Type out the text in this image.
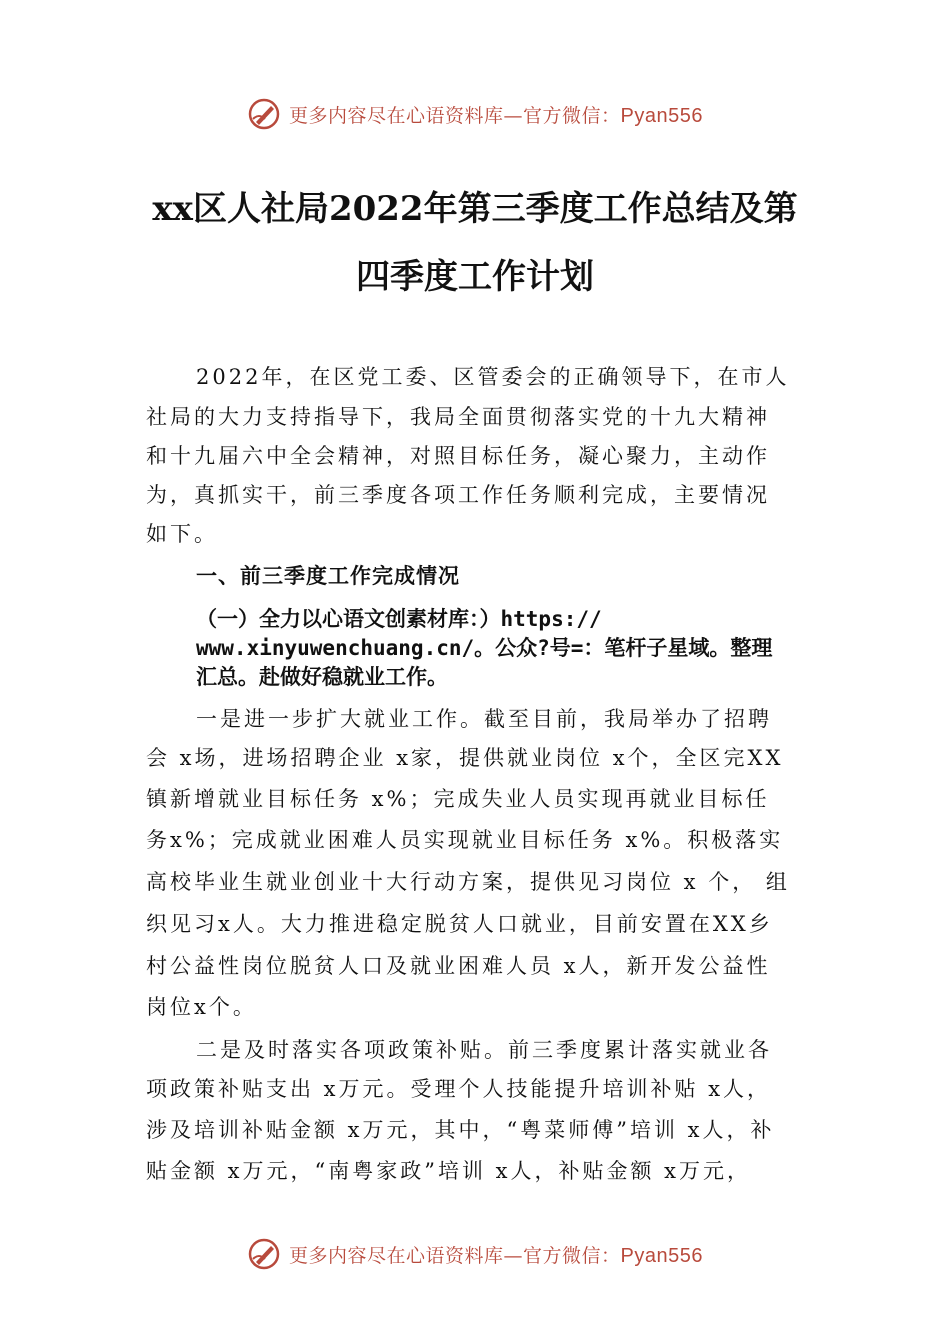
更多内容尽在心语资料库—官方微信：Pyan556
xx区人社局2022年第三季度工作总结及第
四季度工作计划
2022年，在区党工委、区管委会的正确领导下，在市人
社局的大力支持指导下，我局全面贯彻落实党的十九大精神
和十九届六中全会精神，对照目标任务，凝心聚力，主动作
为，真抓实干，前三季度各项工作任务顺利完成，主要情况
如下。
一、前三季度工作完成情况
（一）全力以心语文创素材库：）https://
www.xinyuwenchuang.cn/。公众?号=：笔杆子星域。整理
汇总。赴做好稳就业工作。
一是进一步扩大就业工作。截至目前，我局举办了招聘
会 x场，进场招聘企业 x家，提供就业岗位 x个，全区完XX
镇新增就业目标任务 x%；完成失业人员实现再就业目标任
务x%；完成就业困难人员实现就业目标任务 x%。积极落实
高校毕业生就业创业十大行动方案，提供见习岗位 x 个， 组
织见习x人。大力推进稳定脱贫人口就业，目前安置在XX乡
村公益性岗位脱贫人口及就业困难人员 x人，新开发公益性
岗位x个。
二是及时落实各项政策补贴。前三季度累计落实就业各
项政策补贴支出 x万元。受理个人技能提升培训补贴 x人，
涉及培训补贴金额 x万元，其中，“粤菜师傅”培训 x人，补
贴金额 x万元，“南粤家政”培训 x人，补贴金额 x万元，
更多内容尽在心语资料库—官方微信：Pyan556
